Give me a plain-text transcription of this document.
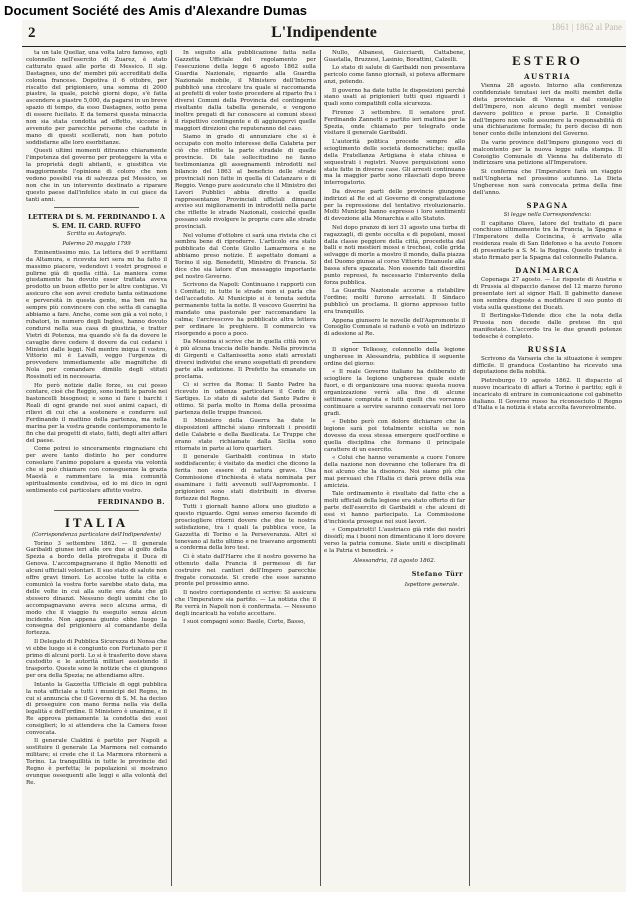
Document Société des Amis d'Alexandre Dumas
2	L'Indipendente	1861 | 1862 al Pane

ta un tale Quellar, una volta latro famoso, egli colonnello nell'esercito di Zuarez, è stato catturato quasi alle porte di Messico. Il sig. Dastagnes, uno de' membri più accreditati della colonia francese. Dopotiva il 6 ottobre, per riscatto del prigioniero, una somma di 2000 piastre, la quale, poichè giorni dopo, s'è fatta ascendere a piastre 5,000, da pagarsi in un breve spazio di tempo, da esso Dastagnes, sotto pena di essere fucilato. E da temersi questa minaccia non sia stata condotta ad effetto, siccome è avvenuto per parecchie persone che cadute in mano di questi scellerati, non han potuto soddisfarne alle loro esorbitanze.

Questi ultimi momenti ditranno chiaramente l'impotenza del governo per proteggere la vita e la proprietà degli abitanti, e giustifica vie maggiormente l'opinione di coloro che non vedono possibil via di salvezza pel Messico, se non che in un intervento destinato a riparare questo paese dall'infelice stato in cui giace da tanti anni.

LETTERA DI S. M. FERDINANDO I. A S. EM. IL CARD. RUFFO
Scritta su Autografo.
Palermo 20 maggio 1799

Eminentissimo mio. La lettera del 9 scrittami da Altamura, e ricevuta ieri sera mi ha fatto il massimo piacere, vedendovi i vostri progressi e pulirne già di quella città. La maniera come giustamente ha dovuto esser trattata aveva prodotto un buon effetto per le altre contigue. Vi assicuro che son avrei creduto tanta ostinazione e perversità in questa gente, ma ben mi ha sempre più convincere con che setta di canaglia abbiamo a fare. Anche, come son già a voi noto, i rubatori, in numero degli Inglesi, hanno dovuto condursi nella sua casa di giustizia, e tratter Vietri di Potenza, ma quando s'è fa da dovere le cavaglie deve cedere il dovere da cui cedarsi i Ministri dalle leggi. Nel mentre iniqua il vostro, Vittorio mi è Lavalli, veggo l'urgenza di provvedere immediamente alle magnifiche di Nola per comandare dimiilo degli stituti Rossinoti ed in necessaria.

Ho però notizie dalle forze, su cui posso contare, cioè che Reggio, sono inetti le parole nei bastoncelli bisognosi; e sono si fare i barchi i Reali di ogni grande nei suoi animi capaci, di rilievi di cui che a sostenere e condurre sul Ferdinando il mattino della partenza, ma nella marina per la vostra grande contemporamento le fin che dai progetti di stato, fatti, degli altri affari del paese.

Come potrei io sinceramente ringraziare chi per avere tanto distinto ho per condurre consolare l'animo popolare a questa via volontà che si può chiamare con conseguenze la grazia Maestà e rammentare la mia comunità spiritualmente condivisa, ed io mi dico in ogni sentimento col particolare affetto vostro.

FERDINANDO B.
ITALIA
(Corrispondenza particolare dell'Indipendente)

Torino 3 settembre 1862. — Il generale Garibaldi giunse ieri alle ore due al golfo della Spezia a bordo della pirofregata il Duca di Genova. L'accompagnavano il figlio Menotti ed alcuni ufficiali volontari. Il suo stato di salute non offre gravi timori. Lo accolse tutte la citta e comunicò la vostra forte sarebbe stato data, ma delle volte in cui alla suite era data che gli stessero dinanzi. Nessuno degli uomini che lo accompagnavano aveva seco alcuna arma, di modo che il viaggio fu eseguito senza alcun incidente. Non appena giunto ebbe luogo la consegna del prigioniero al comandante della fortezza.

Il Delegato di Pubblica Sicurezza di Nonsa che vi ebbe luogo si è congiunto con Fortunato per il primo di alcuni porti. Lo si è trasferito dove stava custodito e le autorità militari assistendo il trasporto. Queste sono le notizie che ci giungono per ora della Spezia; ne attendiamo altre.

Intanto la Gazzetta Ufficiale di oggi pubblica la nota ufficiale a tutti i municipi del Regno, in cui si annuncia che il Governo di S. M. ha deciso di proseguire con mano ferma nella via della legalità e dell'ordine. Il Ministero è unanime, e il Re approva pienamente la condotta dei suoi consiglieri; lo si attendeva che la Camera fosse convocata.

Il generale Cialdini è partito per Napoli a sostituire il generale La Marmora nel comando militare; si crede che il La Marmora ritornerà a Torino. La tranquillità in tutte le provincie del Regno è perfetta; le popolazioni si mostrano ovunque ossequenti alle leggi e alla volontà del Re.

In seguito alla pubblicazione fatta nella Gazzetta Ufficiale del regolamento per l'esecuzione della legge 6 agosto 1862 sulla Guardia Nazionale, riguardo alla Guardia Nazionale mobile, il Ministero dell'Interno pubblicò una circolare tra quale si raccomanda ai prefetti di voler tosto procedere al riparto fra i diversi Comuni della Provincia del contingente risultante dalla tabella generale, e vengono inoltre pregati di far conoscere ai comuni stessi il rispettivo contingente e di aggiungervi quelle maggiori direzioni che reputeranno del caso.

Siamo in grado di annunziare che si è occupato con molto interesse della Calabria per ciò che riflette la parte stradale di quelle provincie. Di tale sollecitudine ne fanno testimonianza gli assegnamenti introdotti nel bilancio del 1863 al beneficio delle strade provinciali non fatte in quella di Catanzaro e di Reggio. Vengo pure assicurato che il Ministro dei Lavori Pubblici abbia diretto a quelle rappresentanze Provinciali ufficiali dinnanzi avviso sui miglioramenti in introdotti nella parte che riflette le strade Nazionali, cosicché quelle possano solo rivolgere le proprie cure alle strade provinciali.

Nel volume d'ottobre ci sarà una rivista che ci sembra bene di riprodurre. L'articolo era stato pubblicato dal Conte Giulio Lamarmora e ne abbiamo preso notizie. È aspettato domani a Torino il sig. Benedetti, Ministro di Francia. Si dice che sia latore d'un messaggio importante pel nostro Governo.

Scrivono da Napoli: Continuano i rapporti con i Comitati; in tutte le strade non si parla che dell'accaduto. Al Municipio si è tenuta seduta permanente tutta la notte. Il vescovo Guerrini ha mandato una pastorale per raccomandare la calma; l'arcivescovo ha pubblicato altra lettera per ordinare le preghiere. Il commercio va risorgendo a poco a poco.

Da Messina si scrive che in quella città non vi è più alcuna traccia delle bande. Nella provincia di Girgenti e Caltanissetta sono stati arrestati diversi individui che erano sospettati di prendere parte alla sedizione. Il Prefetto ha emanato un proclama.

Ci si scrive da Roma: Il Santo Padre ha ricevuto in udienza particolare il Conte di Sartiges. Lo stato di salute del Santo Padre è ottimo. Si parla molto in Roma della prossima partenza delle truppe francesi.

Il Ministero della Guerra ha date le disposizioni affinché siano rinforzati i presidii delle Calabrie e della Basilicata. Le Truppe che erano state richiamate dalla Sicilia sono ritornate in parte ai loro quartieri.

Il generale Garibaldi continua in stato soddisfacente; è visitato da medici che dicono la ferita non essere di natura grave. Una Commissione d'inchiesta è stata nominata per esaminare i fatti avvenuti sull'Aspromonte. I prigionieri sono stati distribuiti in diverse fortezze del Regno.

Tutti i giornali hanno allora uno giudizio a questo riguardo. Ogni senso emerso facendo di prosciogliere ritorni dovere che due te nostra satisfazione, tra i quali la pubblica voce, la Gazzetta di Torino e la Perseveranza. Altri si tenevano al fatto ultimo e ne traevano argomenti a conferma della loro tesi.

Ci è stato dall'Harre che il nostro governo ha ottenuto dalla Francia il permesso di far costruire nei cantieri dell'Impero parecchie fregate corazzate. Si crede che esse saranno pronte pel prossimo anno.

Il nostro corrispondente ci scrive: Si assicura che l'Imperatore sia partito. — La notizia che il Re verrà in Napoli non è confermata. — Nessuno degli incaricati ha voluto accettare.

I suoi compagni sono: Basile, Corte, Basso,

Nullo, Albanesi, Guicciardi, Cattabene, Guastalla, Bruzzesi, Lasinio, Borattini, Calzelli.

Lo stato di salute di Garibaldi non presentava pericolo come fanno giornali, si poteva affermare anzi, potendo.

Il governo ha date tutte le disposizioni perché siano usati ai prigionieri tutti quei riguardi i quali sono compatibili colla sicurezza.

Firenze 3 settembre. Il senatore prof. Ferdinando Zannetti e partito ieri mattina per la Spezia, onde chiamato per telegrafo onde visitare il generale Garibaldi.

L'autorità politica procede sempre allo scioglimento delle società democratiche; quella della Fratellanza Artigiana è stata chiusa e sequestrati i registri. Nuove perquisizioni sono state fatte in diverse case. Gli arresti continuano ma la maggior parte sono rilasciati dopo breve interrogatorio.

Da diverse parti delle provincie giungono indirizzi al Re ed al Governo di congratulazione per la repressione del tentativo rivoluzionario. Molti Municipi hanno espresso i loro sentimenti di devozione alla Monarchia e allo Statuto.

Nel dopo pranzo di ieri 31 agosto una turba di ragazzagli, di gente occulta e di popolani, mossi dalla classe peggiore della città, procedetta dal balli e noti mestieri mossi e trechesi, colle grida selvagge di morte a mostro il mondo, dalla piazza del Duomo giunse al corso Vittorio Emanuele alla bassa sfera spazzata. Non essendo tali disordini punto repressi, fu necessario l'intervento della forza pubblica.

La Guardia Nazionale accorse a ristabilire l'ordine; molti furono arrestati. Il Sindaco pubblicò un proclama. Il giorno appresso tutto era tranquillo.

Appena giunsero le novelle dell'Aspromonte il Consiglio Comunale si radunò e votò un indirizzo di adesione al Re.

Il signor Telkessy, colonnello della legione ungherese in Alessandria, pubblica il seguente ordine del giorno:

« Il reale Governo italiano ha deliberato di sciogliere la legione ungherese quale esiste fuori, e di organizzare una nuova: questa nuova organizzazione verrà alla fine di alcune settimane compiuta e tutti quelli che vorranno continuare a servire saranno conservati nei loro gradi.

« Debbo però con dolore dichiarare che la legione sarà poi totalmente sciolta se non dovesse da essa stessa emergere quell'ordine e quella disciplina che formano il principale carattere di un esercito.

« Colui che hanno veramente a cuore l'onore della nazione non dovranno che tollerare fra di noi alcuno che la disonora. Noi siamo più che mai persuasi che l'Italia ci darà prove della sua amicizia.

Tale ordinamento è risultato dal fatto che a molti ufficiali della legione era stato offerto di far parte dell'esercito di Garibaldi e che alcuni di essi vi hanno partecipato. La Commissione d'inchiesta prosegue nei suoi lavori.

« Compatriotti! L'austriaco già ride dei nostri dissidî; ma i buoni non dimenticano il loro dovere verso la patria comune. Siate uniti e disciplinati e la Patria vi benedirà. »

Alessandria, 18 agosto 1862.
Stefano Türr
Ispettore generale.
ESTERO
AUSTRIA

Vienna 28 agosto. Intorno alla conferenza confidenziale tenutasi ieri da molti membri della dieta provinciale di Vienna e dal consiglio dell'Impero, non alcuno degli membri venisse davvero politico e prese parte. Il Consiglio dell'Impero non volle assumere la responsabilità di una dichiarazione formale; fu però deciso di non tener conto delle intenzioni del Governo.

Da varie province dell'Impero giungono voci di malcontento per la nuova legge sulla stampa. Il Consiglio Comunale di Vienna ha deliberato di indirizzare una petizione all'Imperatore.

Si conferma che l'Imperatore farà un viaggio nell'Ungheria nel prossimo autunno. La Dieta Ungherese non sarà convocata prima della fine dell'anno.

SPAGNA
Si legge nella Correspondencia:

Il capitano Olave, latore del trattato di pace conchiuso ultimamente tra la Francia, la Spagna e l'Imperatore della Cocincina, è arrivato alla residenza reale di San Ildefonso e ha avuto l'onore di presentarlo a S. M. la Regina. Questo trattato è stato firmato per la Spagna dal colonnello Palanca.

DANIMARCA

Copenaga 27 agosto. — Le risposte di Austria e di Prussia al dispaccio danese del 12 marzo furono presentate ieri al signor Hall. Il gabinetto danese non sembra disposto a modificare il suo punto di vista sulla questione dei Ducati.

Il Berlingske-Tidende dice che la nota della Prussia non decede dalle pretese fin qui manifestate. L'accordo tra le due grandi potenze tedesche è completo.

RUSSIA

Scrivono da Varsavia che la situazione è sempre difficile. Il granduca Costantino ha ricevuto una deputazione della nobiltà.

Pietroburgo 19 agosto 1862. Il dispaccio al nuovo incaricato di affari a Torino è partito; egli è incaricato di entrare in comunicazione col gabinetto italiano. Il Governo russo ha riconosciuto il Regno d'Italia e la notizia è stata accolta favorevolmente.
